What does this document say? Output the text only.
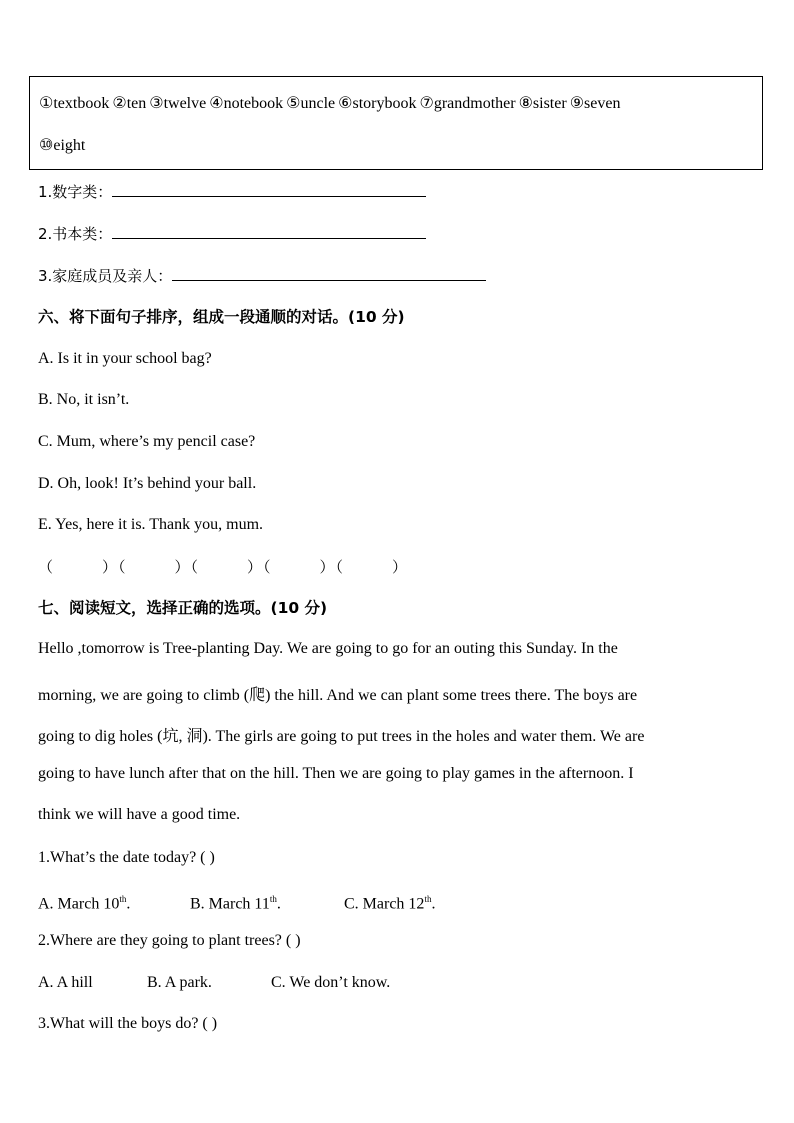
①textbook ②ten ③twelve ④notebook ⑤uncle ⑥storybook ⑦grandmother ⑧sister ⑨seven
⑩eight
1.数字类：
2.书本类：
3.家庭成员及亲人：
六、将下面句子排序，组成一段通顺的对话。(10 分)
A. Is it in your school bag?
B. No, it isn’t.
C. Mum, where’s my pencil case?
D. Oh, look! It’s behind your ball.
E. Yes, here it is. Thank you, mum.
（　　　）（　　　）（　　　）（　　　）（　　　）
七、阅读短文，选择正确的选项。(10 分)
Hello ,tomorrow is Tree-planting Day. We are going to go for an outing this Sunday. In the
morning, we are going to climb (爬) the hill. And we can plant some trees there. The boys are
going to dig holes (坑, 洞). The girls are going to put trees in the holes and water them. We are
going to have lunch after that on the hill. Then we are going to play games in the afternoon. I
think we will have a good time.
1.What’s the date today? ( )
A. March 10th.	B. March 11th.	C. March 12th.
2.Where are they going to plant trees? ( )
A. A hill	B. A park.	C. We don’t know.
3.What will the boys do? ( )
